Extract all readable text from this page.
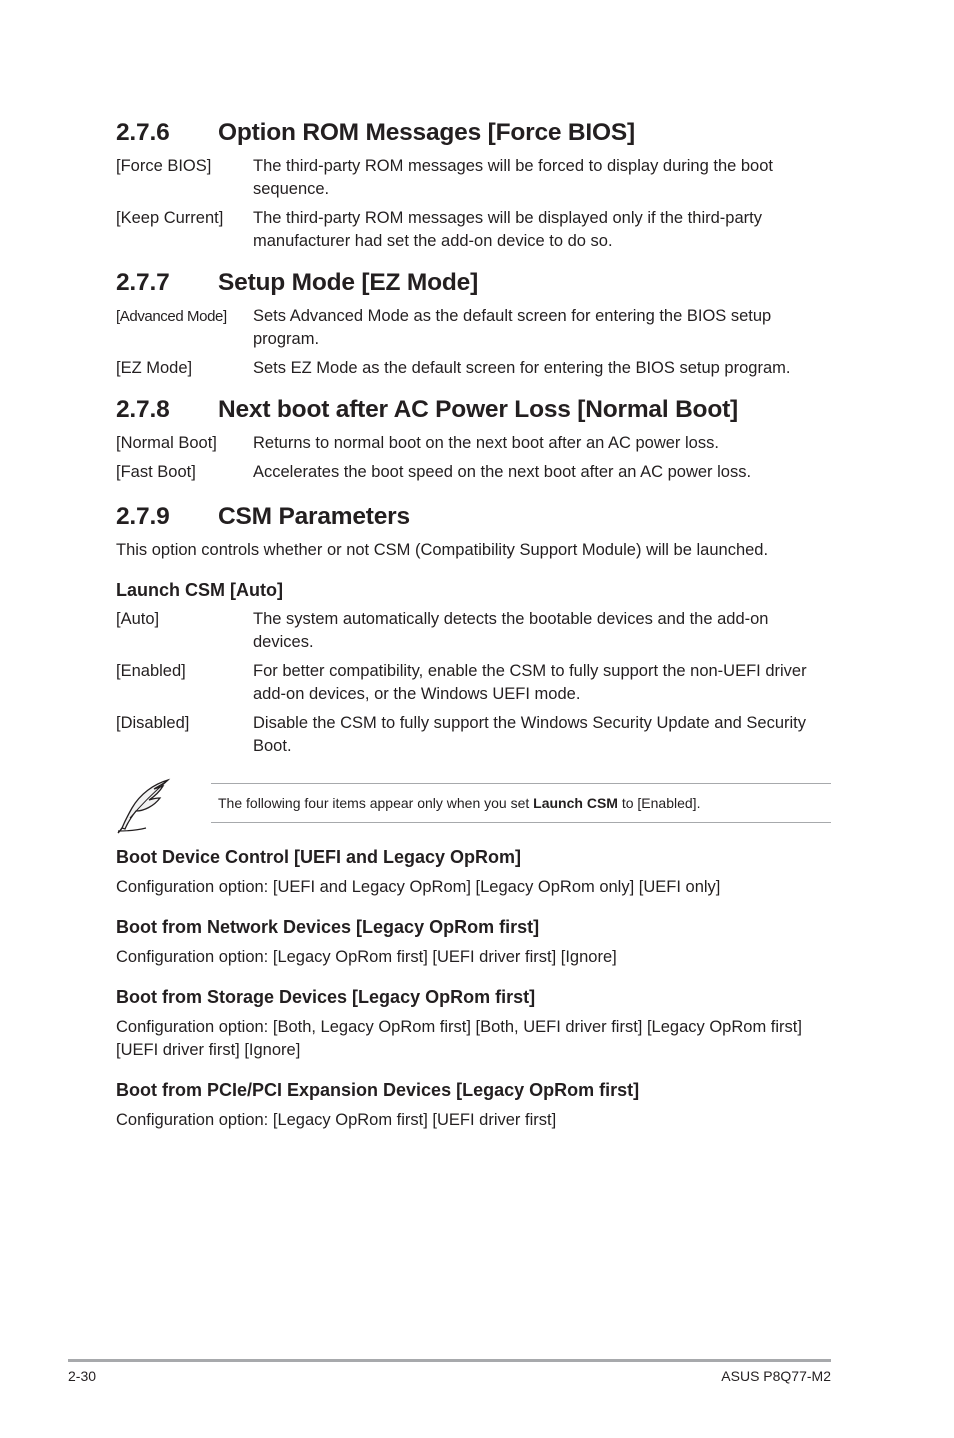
2.7.6 Option ROM Messages [Force BIOS]
[Force BIOS]	The third-party ROM messages will be forced to display during the boot sequence.
[Keep Current]	The third-party ROM messages will be displayed only if the third-party manufacturer had set the add-on device to do so.
2.7.7 Setup Mode [EZ Mode]
[Advanced Mode]	Sets Advanced Mode as the default screen for entering the BIOS setup program.
[EZ Mode]	Sets EZ Mode as the default screen for entering the BIOS setup program.
2.7.8 Next boot after AC Power Loss [Normal Boot]
[Normal Boot]	Returns to normal boot on the next boot after an AC power loss.
[Fast Boot]	Accelerates the boot speed on the next boot after an AC power loss.
2.7.9 CSM Parameters

This option controls whether or not CSM (Compatibility Support Module) will be launched.

Launch CSM [Auto]
[Auto]	The system automatically detects the bootable devices and the add-on devices.
[Enabled]	For better compatibility, enable the CSM to fully support the non-UEFI driver add-on devices, or the Windows UEFI mode.
[Disabled]	Disable the CSM to fully support the Windows Security Update and Security Boot.
Boot Device Control [UEFI and Legacy OpRom]

Configuration option: [UEFI and Legacy OpRom] [Legacy OpRom only] [UEFI only]

Boot from Network Devices [Legacy OpRom first]

Configuration option: [Legacy OpRom first] [UEFI driver first] [Ignore]

Boot from Storage Devices [Legacy OpRom first]

Configuration option: [Both, Legacy OpRom first] [Both, UEFI driver first] [Legacy OpRom first] [UEFI driver first] [Ignore]

Boot from PCIe/PCI Expansion Devices [Legacy OpRom first]

Configuration option: [Legacy OpRom first] [UEFI driver first]

The following four items appear only when you set Launch CSM to [Enabled].
2-30	ASUS P8Q77-M2
